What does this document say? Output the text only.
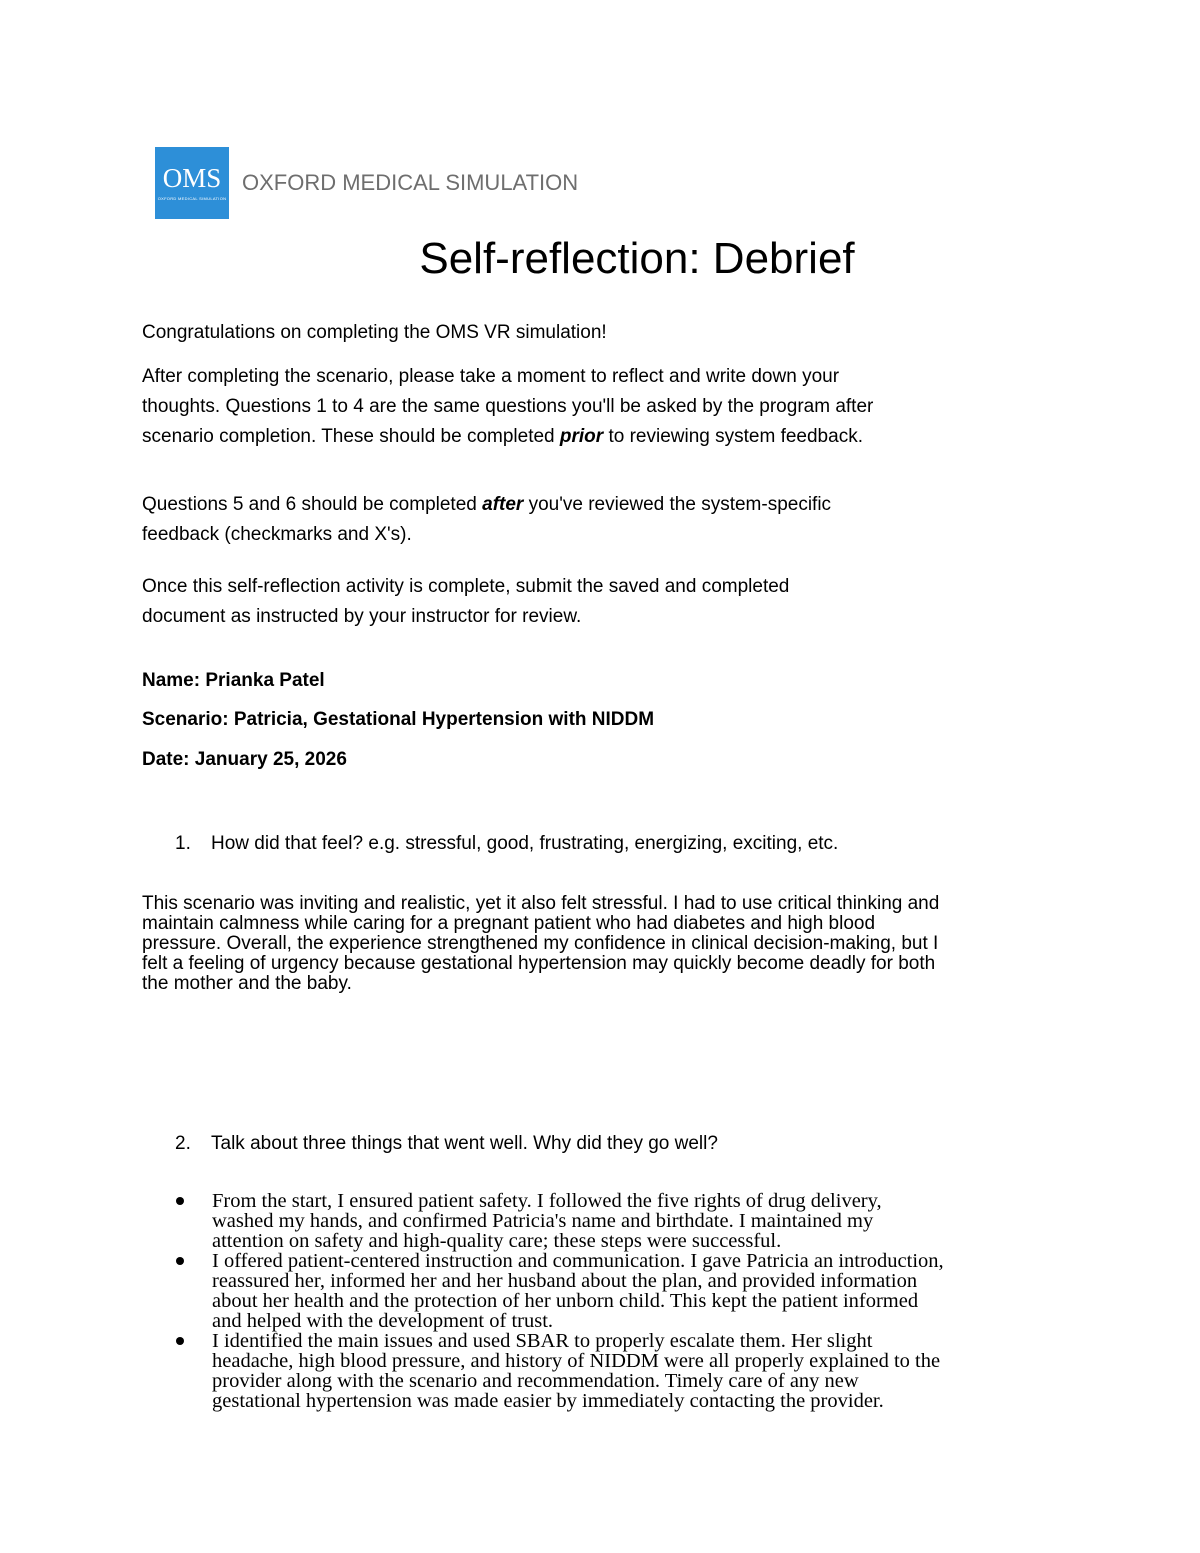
OMS
OXFORD MEDICAL SIMULATION
OXFORD MEDICAL SIMULATION
Self-reflection: Debrief
Congratulations on completing the OMS VR simulation!
After completing the scenario, please take a moment to reflect and write down your
thoughts. Questions 1 to 4 are the same questions you'll be asked by the program after
scenario completion. These should be completed prior to reviewing system feedback.
Questions 5 and 6 should be completed after you've reviewed the system-specific
feedback (checkmarks and X's).
Once this self-reflection activity is complete, submit the saved and completed
document as instructed by your instructor for review.
Name: Prianka Patel
Scenario: Patricia, Gestational Hypertension with NIDDM
Date: January 25, 2026
1. How did that feel? e.g. stressful, good, frustrating, energizing, exciting, etc.
This scenario was inviting and realistic, yet it also felt stressful. I had to use critical thinking and
maintain calmness while caring for a pregnant patient who had diabetes and high blood
pressure. Overall, the experience strengthened my confidence in clinical decision-making, but I
felt a feeling of urgency because gestational hypertension may quickly become deadly for both
the mother and the baby.
2. Talk about three things that went well. Why did they go well?
From the start, I ensured patient safety. I followed the five rights of drug delivery,
washed my hands, and confirmed Patricia's name and birthdate. I maintained my
attention on safety and high-quality care; these steps were successful.
I offered patient-centered instruction and communication. I gave Patricia an introduction,
reassured her, informed her and her husband about the plan, and provided information
about her health and the protection of her unborn child. This kept the patient informed
and helped with the development of trust.
I identified the main issues and used SBAR to properly escalate them. Her slight
headache, high blood pressure, and history of NIDDM were all properly explained to the
provider along with the scenario and recommendation. Timely care of any new
gestational hypertension was made easier by immediately contacting the provider.
